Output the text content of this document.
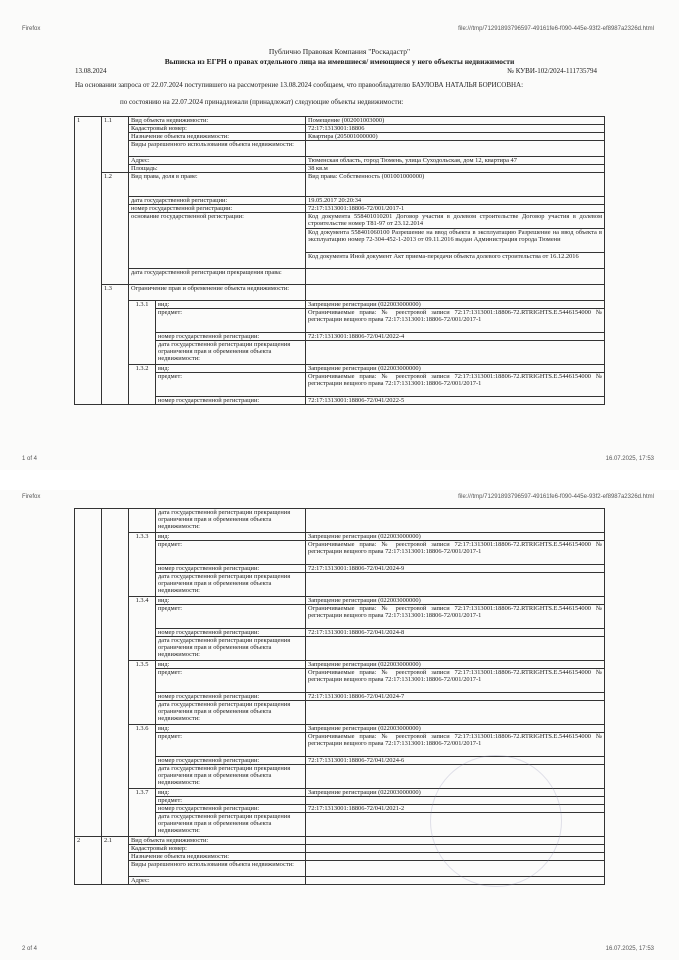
Firefox	file:///tmp/71291893796597-49161fe6-f090-445e-93f2-ef8987a2326d.html
Публично Правовая Компания "Роскадастр"
Выписка из ЕГРН о правах отдельного лица на имевшиеся/ имеющиеся у него объекты недвижимости
13.08.2024	№ КУВИ-102/2024-111735794
На основании запроса от 22.07.2024 поступившего на рассмотрение 13.08.2024 сообщаем, что правообладателю БАУЛОВА НАТАЛЬЯ БОРИСОВНА:
по состоянию на 22.07.2024 принадлежали (принадлежат) следующие объекты недвижимости:
1	1.1	Вид объекта недвижимости:		Помещение (002001003000)
		Кадастровый номер:		72:17:1313001:18806
		Назначение объекта недвижимости:		Квартира (205001000000)
		Виды разрешенного использования объекта недвижимости:		
		Адрес:		Тюменская область, город Тюмень, улица Суходольская, дом 12, квартира 47
		Площадь:		38 кв.м
	1.2	Вид права, доля в праве:		Вид права: Собственность (001001000000)
		дата государственной регистрации:		19.05.2017 20:20:34
		номер государственной регистрации:		72:17:1313001:18806-72/001/2017-1
		основание государственной регистрации:		Код документа 558401010201 Договор участия в долевом строительстве Договор участия в долевом строительстве номер Т81-97 от 23.12.2014
				Код документа 558401060100 Разрешение на ввод объекта в эксплуатацию Разрешение на ввод объекта в эксплуатацию номер 72-304-452-1-2013 от 09.11.2016 выдан Администрация города Тюмени
				Код документа Иной документ Акт приема-передачи объекта долевого строительства от 16.12.2016
		дата государственной регистрации прекращения права:		
	1.3	Ограничение прав и обременение объекта недвижимости:		
		1.3.1	вид:	Запрещение регистрации (022003000000)
			предмет:	Ограничиваемые права: № реестровой записи 72:17:1313001:18806-72.RTRIGHTS.E.5446154000 № регистрации вещного права 72:17:1313001:18806-72/001/2017-1
			номер государственной регистрации:	72:17:1313001:18806-72/041/2022-4
			дата государственной регистрации прекращения ограничения прав и обременения объекта недвижимости:	
		1.3.2	вид:	Запрещение регистрации (022003000000)
			предмет:	Ограничиваемые права: № реестровой записи 72:17:1313001:18806-72.RTRIGHTS.E.5446154000 № регистрации вещного права 72:17:1313001:18806-72/001/2017-1
			номер государственной регистрации:	72:17:1313001:18806-72/041/2022-5
1 of 4	16.07.2025, 17:53
Firefox	file:///tmp/71291893796597-49161fe6-f090-445e-93f2-ef8987a2326d.html
			дата государственной регистрации прекращения ограничения прав и обременения объекта недвижимости:	
		1.3.3	вид:	Запрещение регистрации (022003000000)
			предмет:	Ограничиваемые права: № реестровой записи 72:17:1313001:18806-72.RTRIGHTS.E.5446154000 № регистрации вещного права 72:17:1313001:18806-72/001/2017-1
			номер государственной регистрации:	72:17:1313001:18806-72/041/2024-9
			дата государственной регистрации прекращения ограничения прав и обременения объекта недвижимости:	
		1.3.4	вид:	Запрещение регистрации (022003000000)
			предмет:	Ограничиваемые права: № реестровой записи 72:17:1313001:18806-72.RTRIGHTS.E.5446154000 № регистрации вещного права 72:17:1313001:18806-72/001/2017-1
			номер государственной регистрации:	72:17:1313001:18806-72/041/2024-8
			дата государственной регистрации прекращения ограничения прав и обременения объекта недвижимости:	
		1.3.5	вид:	Запрещение регистрации (022003000000)
			предмет:	Ограничиваемые права: № реестровой записи 72:17:1313001:18806-72.RTRIGHTS.E.5446154000 № регистрации вещного права 72:17:1313001:18806-72/001/2017-1
			номер государственной регистрации:	72:17:1313001:18806-72/041/2024-7
			дата государственной регистрации прекращения ограничения прав и обременения объекта недвижимости:	
		1.3.6	вид:	Запрещение регистрации (022003000000)
			предмет:	Ограничиваемые права: № реестровой записи 72:17:1313001:18806-72.RTRIGHTS.E.5446154000 № регистрации вещного права 72:17:1313001:18806-72/001/2017-1
			номер государственной регистрации:	72:17:1313001:18806-72/041/2024-6
			дата государственной регистрации прекращения ограничения прав и обременения объекта недвижимости:	
		1.3.7	вид:	Запрещение регистрации (022003000000)
			предмет:	
			номер государственной регистрации:	72:17:1313001:18806-72/041/2021-2
			дата государственной регистрации прекращения ограничения прав и обременения объекта недвижимости:	
2	2.1	Вид объекта недвижимости:		
		Кадастровый номер:		
		Назначение объекта недвижимости:		
		Виды разрешенного использования объекта недвижимости:		
		Адрес:		
2 of 4	16.07.2025, 17:53
